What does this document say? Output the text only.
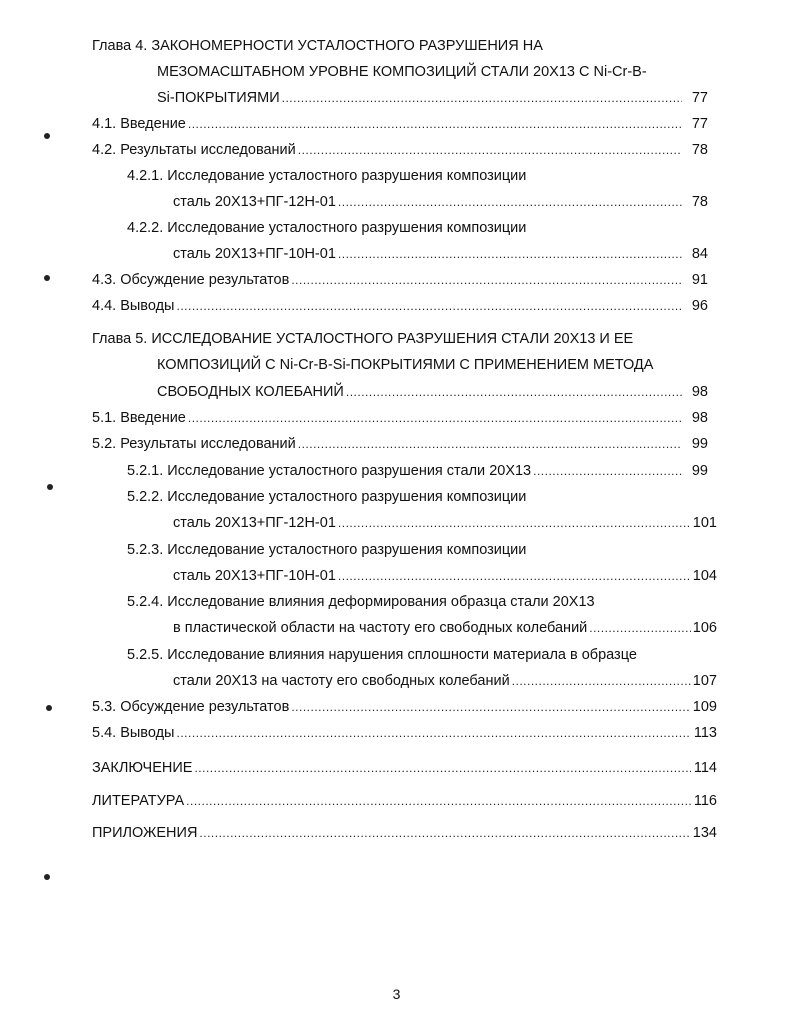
Глава 4. ЗАКОНОМЕРНОСТИ УСТАЛОСТНОГО РАЗРУШЕНИЯ НА
МЕЗОМАСШТАБНОМ УРОВНЕ КОМПОЗИЦИЙ СТАЛИ 20Х13 С Ni-Cr-B-
Si-ПОКРЫТИЯМИ .....	77
4.1. Введение .....	77
4.2. Результаты исследований .....	78
4.2.1. Исследование усталостного разрушения композиции
сталь 20Х13+ПГ-12Н-01 .....	78
4.2.2. Исследование усталостного разрушения композиции
сталь 20Х13+ПГ-10Н-01 .....	84
4.3. Обсуждение результатов .....	91
4.4. Выводы .....	96
Глава 5. ИССЛЕДОВАНИЕ УСТАЛОСТНОГО РАЗРУШЕНИЯ СТАЛИ 20Х13 И ЕЕ
КОМПОЗИЦИЙ С Ni-Cr-B-Si-ПОКРЫТИЯМИ С ПРИМЕНЕНИЕМ МЕТОДА
СВОБОДНЫХ КОЛЕБАНИЙ .....	98
5.1. Введение .....	98
5.2. Результаты исследований .....	99
5.2.1. Исследование усталостного разрушения стали 20Х13 .....	99
5.2.2. Исследование усталостного разрушения композиции
сталь 20Х13+ПГ-12Н-01 .....	101
5.2.3. Исследование усталостного разрушения композиции
сталь 20Х13+ПГ-10Н-01 .....	104
5.2.4. Исследование влияния деформирования образца стали 20Х13
в пластической области на частоту его свободных колебаний .....	106
5.2.5. Исследование влияния нарушения сплошности материала в образце
стали 20Х13 на частоту его свободных колебаний .....	107
5.3. Обсуждение результатов .....	109
5.4. Выводы .....	113
ЗАКЛЮЧЕНИЕ .....	114
ЛИТЕРАТУРА .....	116
ПРИЛОЖЕНИЯ .....	134
3
